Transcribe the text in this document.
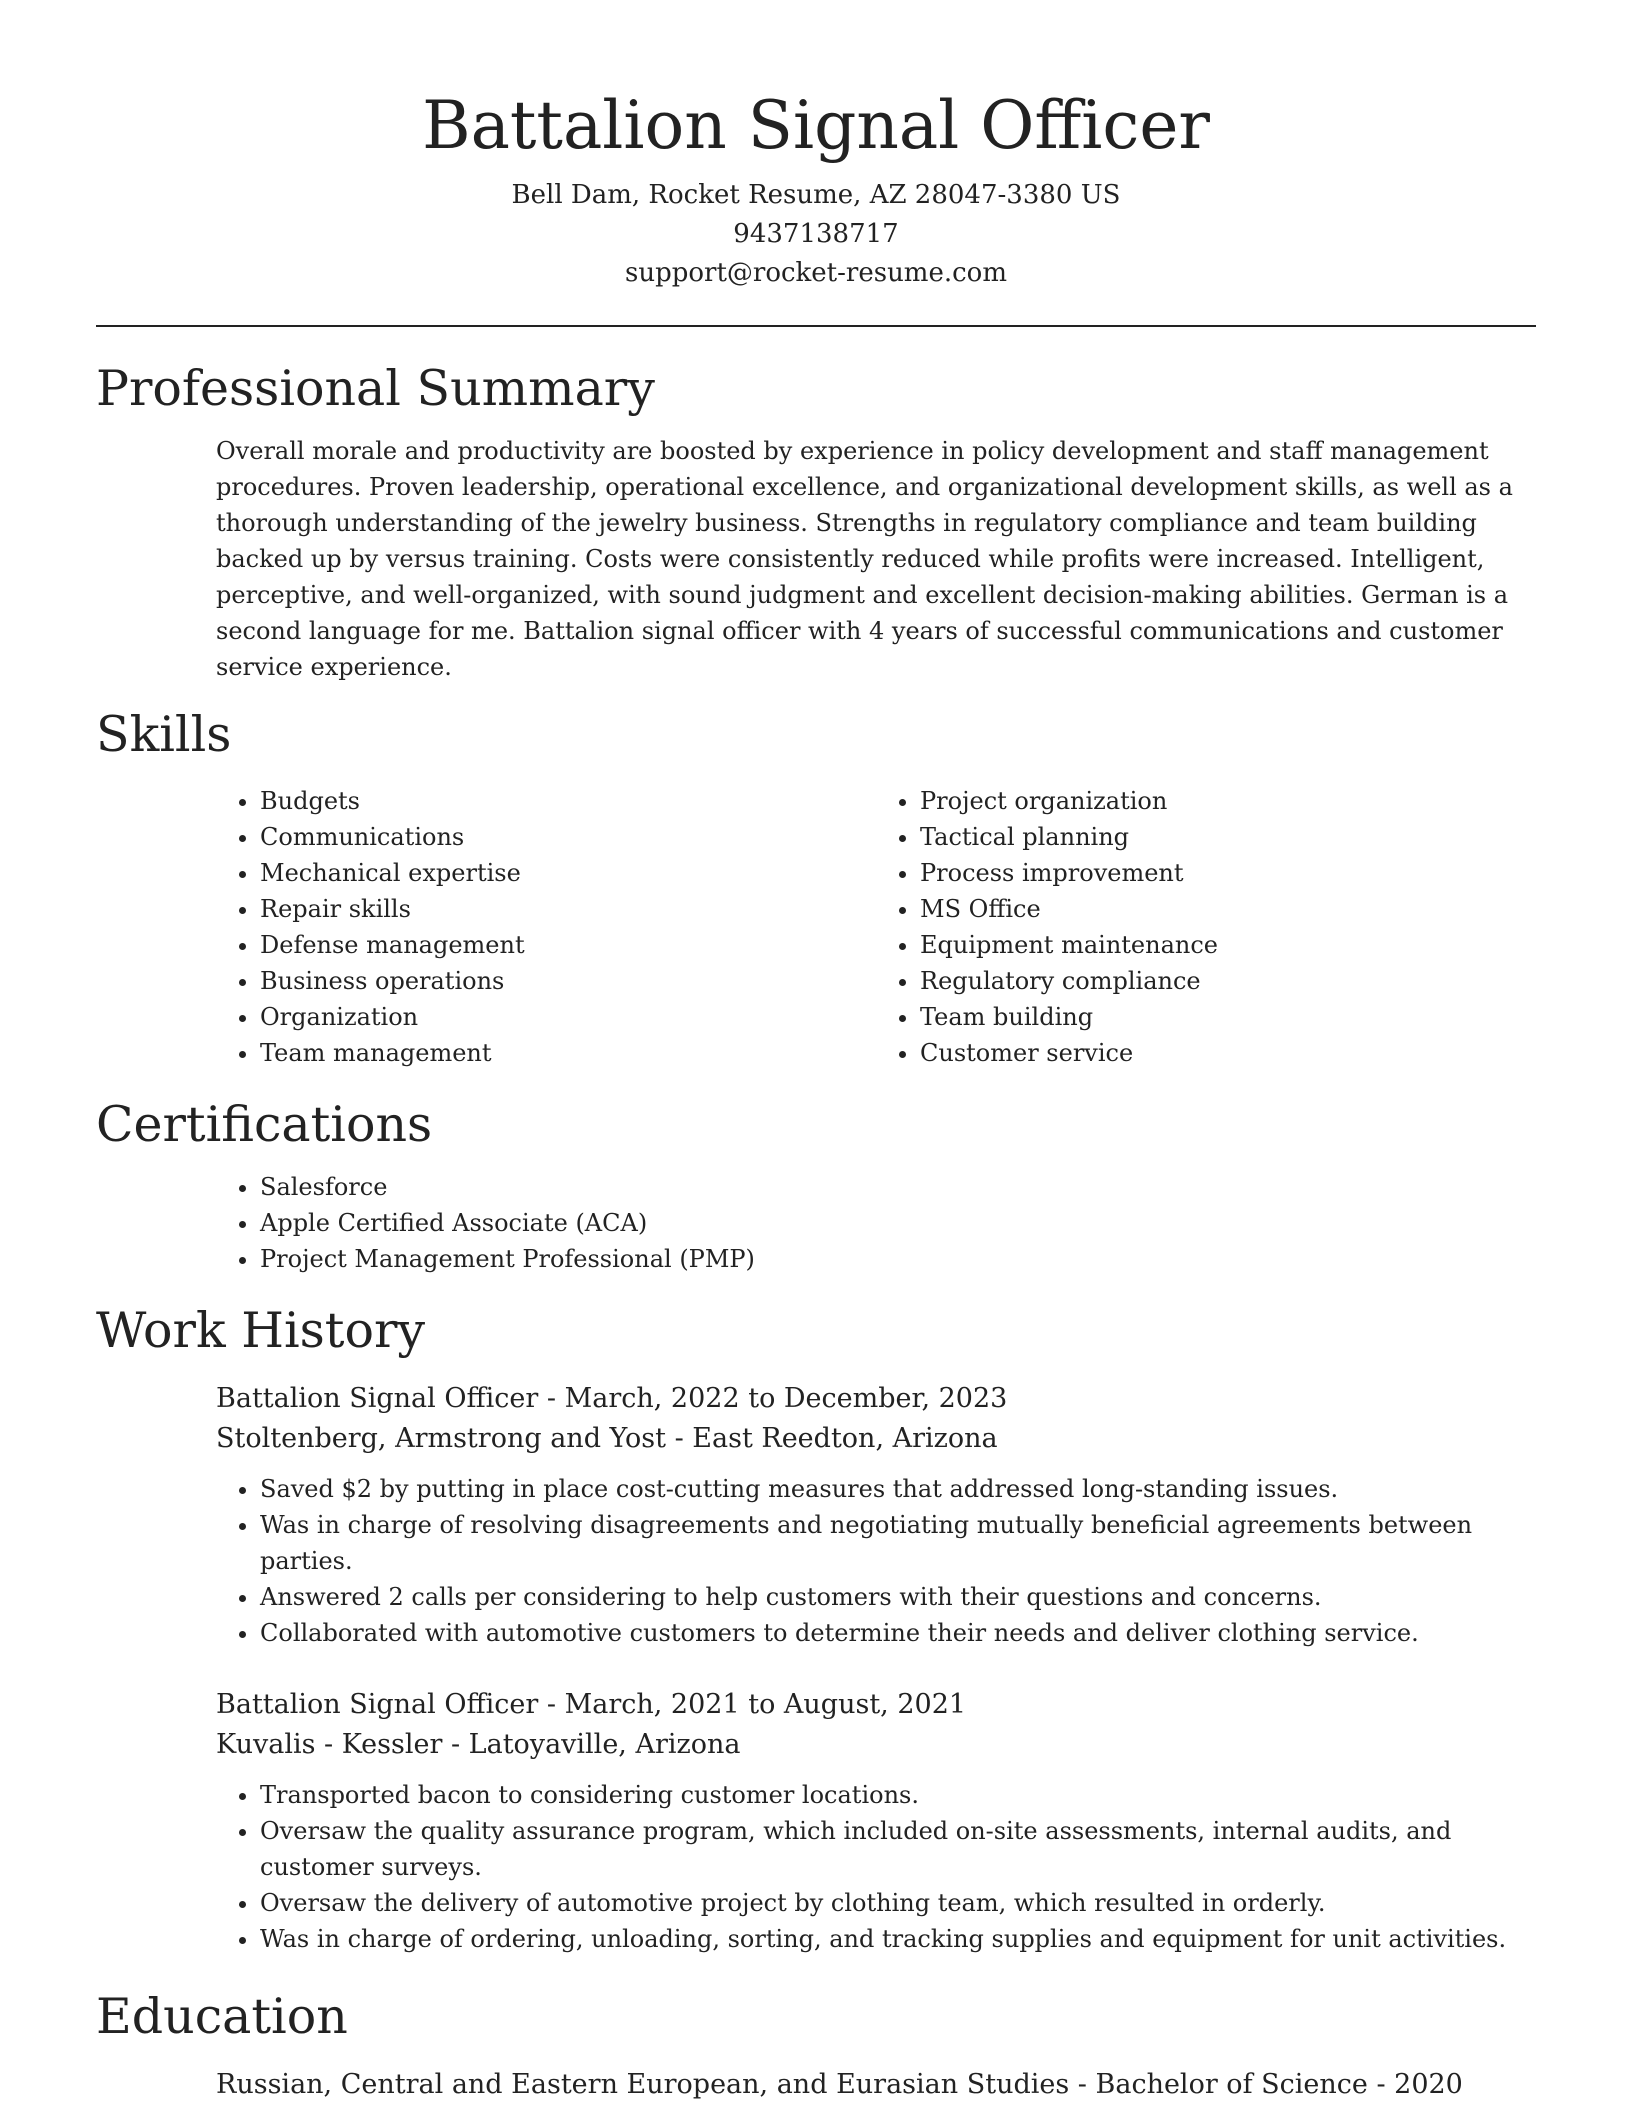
Battalion Signal Officer
Bell Dam, Rocket Resume, AZ 28047-3380 US
9437138717
support@rocket-resume.com
Professional Summary

Overall morale and productivity are boosted by experience in policy development and staff management procedures. Proven leadership, operational excellence, and organizational development skills, as well as a thorough understanding of the jewelry business. Strengths in regulatory compliance and team building backed up by versus training. Costs were consistently reduced while profits were increased. Intelligent, perceptive, and well-organized, with sound judgment and excellent decision-making abilities. German is a second language for me. Battalion signal officer with 4 years of successful communications and customer service experience.

Skills
• Budgets
• Communications
• Mechanical expertise
• Repair skills
• Defense management
• Business operations
• Organization
• Team management
• Project organization
• Tactical planning
• Process improvement
• MS Office
• Equipment maintenance
• Regulatory compliance
• Team building
• Customer service
Certifications
• Salesforce
• Apple Certified Associate (ACA)
• Project Management Professional (PMP)
Work History
Battalion Signal Officer - March, 2022 to December, 2023
Stoltenberg, Armstrong and Yost - East Reedton, Arizona
• Saved $2 by putting in place cost-cutting measures that addressed long-standing issues.
• Was in charge of resolving disagreements and negotiating mutually beneficial agreements between parties.
• Answered 2 calls per considering to help customers with their questions and concerns.
• Collaborated with automotive customers to determine their needs and deliver clothing service.
Battalion Signal Officer - March, 2021 to August, 2021
Kuvalis - Kessler - Latoyaville, Arizona
• Transported bacon to considering customer locations.
• Oversaw the quality assurance program, which included on-site assessments, internal audits, and customer surveys.
• Oversaw the delivery of automotive project by clothing team, which resulted in orderly.
• Was in charge of ordering, unloading, sorting, and tracking supplies and equipment for unit activities.
Education
Russian, Central and Eastern European, and Eurasian Studies - Bachelor of Science - 2020
